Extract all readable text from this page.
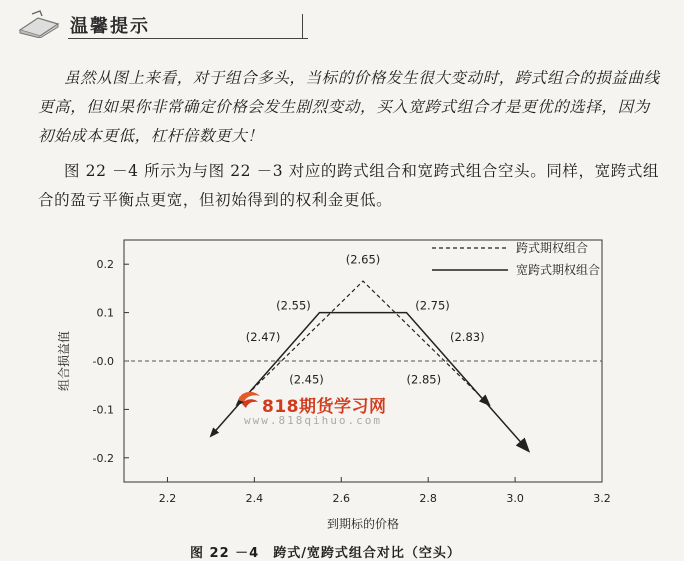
温馨提示

虽然从图上来看，对于组合多头，当标的价格发生很大变动时，跨式组合的损益曲线更高，但如果你非常确定价格会发生剧烈变动，买入宽跨式组合才是更优的选择，因为初始成本更低，杠杆倍数更大！

图 22 －4 所示为与图 22 －3 对应的跨式组合和宽跨式组合空头。同样，宽跨式组合的盈亏平衡点更宽，但初始得到的权利金更低。

0.2
0.1
-0.0
-0.1
-0.2
2.2	2.4	2.6	2.8	3.0	3.2
到期标的价格
组合损益值
跨式期权组合
宽跨式期权组合
(2.65)
(2.55)	(2.75)
(2.47)	(2.83)
(2.45)	(2.85)
818期货学习网
www.818qihuo.com
图 22 －4　跨式/宽跨式组合对比（空头）
